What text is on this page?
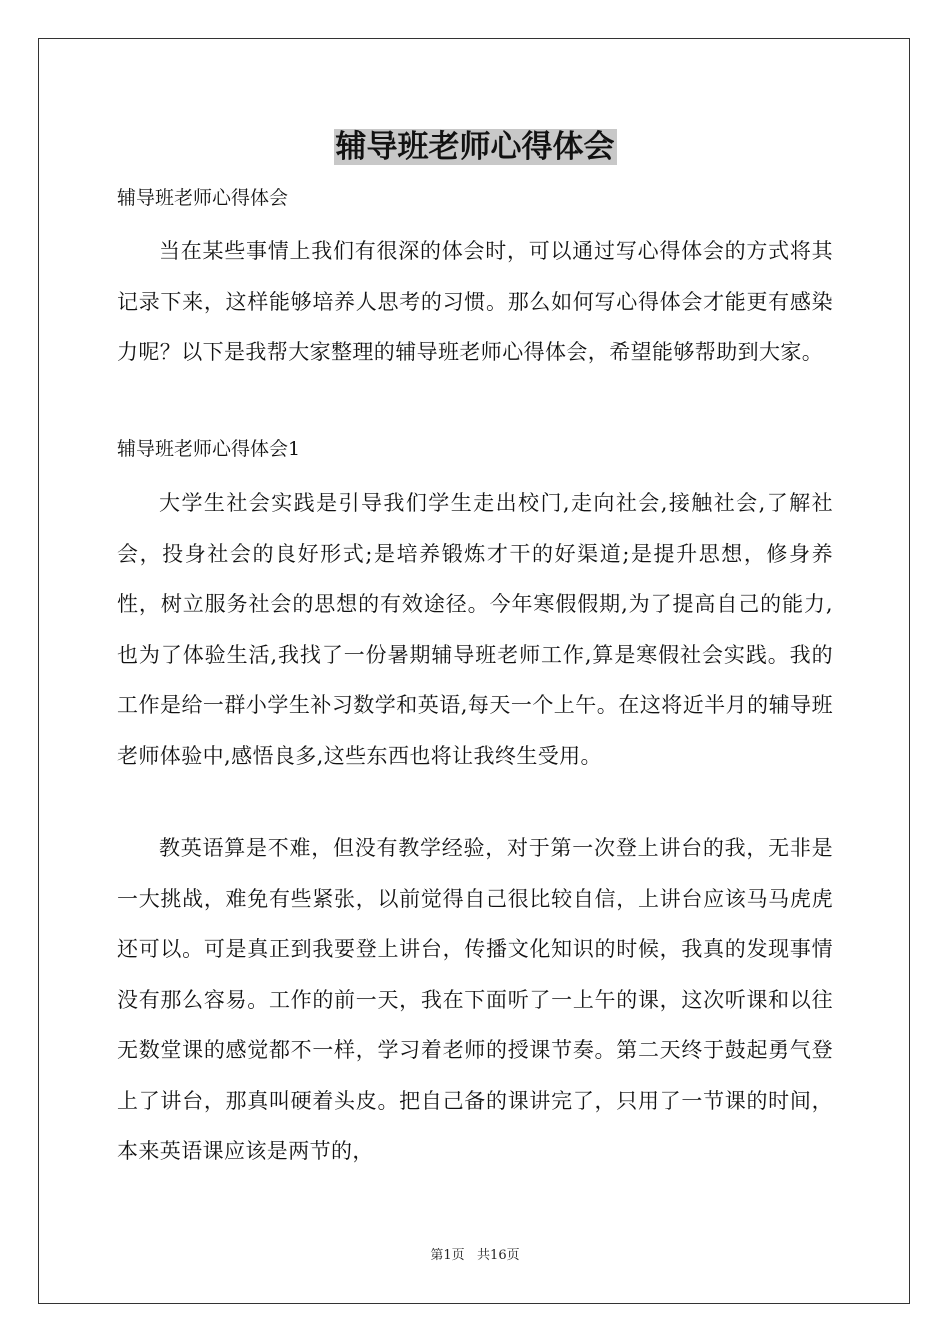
辅导班老师心得体会

辅导班老师心得体会

当在某些事情上我们有很深的体会时，可以通过写心得体会的方式将其记录下来，这样能够培养人思考的习惯。那么如何写心得体会才能更有感染力呢？以下是我帮大家整理的辅导班老师心得体会，希望能够帮助到大家。

辅导班老师心得体会1

大学生社会实践是引导我们学生走出校门,走向社会,接触社会,了解社会，投身社会的良好形式;是培养锻炼才干的好渠道;是提升思想，修身养性，树立服务社会的思想的有效途径。今年寒假假期,为了提高自己的能力,也为了体验生活,我找了一份暑期辅导班老师工作,算是寒假社会实践。我的工作是给一群小学生补习数学和英语,每天一个上午。在这将近半月的辅导班老师体验中,感悟良多,这些东西也将让我终生受用。

教英语算是不难，但没有教学经验，对于第一次登上讲台的我，无非是一大挑战，难免有些紧张，以前觉得自己很比较自信，上讲台应该马马虎虎还可以。可是真正到我要登上讲台，传播文化知识的时候，我真的发现事情没有那么容易。工作的前一天，我在下面听了一上午的课，这次听课和以往无数堂课的感觉都不一样，学习着老师的授课节奏。第二天终于鼓起勇气登上了讲台，那真叫硬着头皮。把自己备的课讲完了，只用了一节课的时间，本来英语课应该是两节的，

第1页   共16页
